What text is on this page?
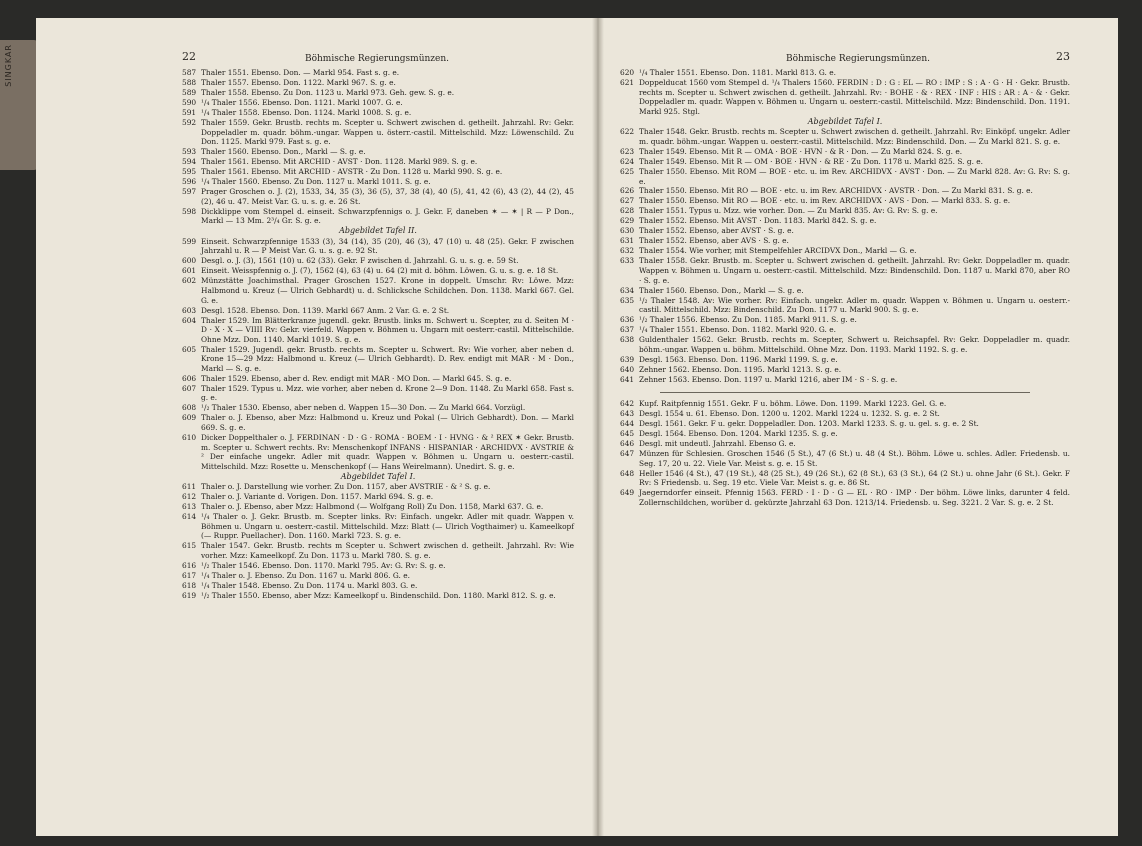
SINGKAR	22	Böhmische Regierungsmünzen.
587 Thaler 1551. Ebenso. Don. — Markl 954. Fast s. g. e.
588 Thaler 1557. Ebenso. Don. 1122. Markl 967. S. g. e.
589 Thaler 1558. Ebenso. Zu Don. 1123 u. Markl 973. Geh. gew. S. g. e.
590 ¹/₄ Thaler 1556. Ebenso. Don. 1121. Markl 1007. G. e.
591 ¹/₄ Thaler 1558. Ebenso. Don. 1124. Markl 1008. S. g. e.
592 Thaler 1559. Gekr. Brustb. rechts m. Scepter u. Schwert zwischen d. getheilt. Jahrzahl. Rv: Gekr. Doppeladler m. quadr. böhm.-ungar. Wappen u. österr.-castil. Mittelschild. Mzz: Löwenschild. Zu Don. 1125. Markl 979. Fast s. g. e.
593 Thaler 1560. Ebenso. Don., Markl — S. g. e.
594 Thaler 1561. Ebenso. Mit ARCHID · AVST · Don. 1128. Markl 989. S. g. e.
595 Thaler 1561. Ebenso. Mit ARCHID · AVSTR · Zu Don. 1128 u. Markl 990. S. g. e.
596 ¹/₄ Thaler 1560. Ebenso. Zu Don. 1127 u. Markl 1011. S. g. e.
597 Prager Groschen o. J. (2), 1533, 34, 35 (3), 36 (5), 37, 38 (4), 40 (5), 41, 42 (6), 43 (2), 44 (2), 45 (2), 46 u. 47. Meist Var. G. u. s. g. e. 26 St.
598 Dickklippe vom Stempel d. einseit. Schwarzpfennigs o. J. Gekr. F, daneben ✶ — ✶ | R — P Don., Markl — 13 Mm. 2³/₄ Gr. S. g. e.
Abgebildet Tafel II.
599 Einseit. Schwarzpfennige 1533 (3), 34 (14), 35 (20), 46 (3), 47 (10) u. 48 (25). Gekr. F zwischen Jahrzahl u. R — P Meist Var. G. u. s. g. e. 92 St.
600 Desgl. o. J. (3), 1561 (10) u. 62 (33). Gekr. F zwischen d. Jahrzahl. G. u. s. g. e. 59 St.
601 Einseit. Weisspfennig o. J. (7), 1562 (4), 63 (4) u. 64 (2) mit d. böhm. Löwen. G. u. s. g. e. 18 St.
602 Münzstätte Joachimsthal. Prager Groschen 1527. Krone in doppelt. Umschr. Rv: Löwe. Mzz: Halbmond u. Kreuz (— Ulrich Gebhardt) u. d. Schlicksche Schildchen. Don. 1138. Markl 667. Gel. G. e.
603 Desgl. 1528. Ebenso. Don. 1139. Markl 667 Anm. 2 Var. G. e. 2 St.
604 Thaler 1529. Im Blätterkranze jugendl. gekr. Brustb. links m. Schwert u. Scepter, zu d. Seiten M · D · X · X — VIIII Rv: Gekr. vierfeld. Wappen v. Böhmen u. Ungarn mit oesterr.-castil. Mittelschilde. Ohne Mzz. Don. 1140. Markl 1019. S. g. e.
605 Thaler 1529. Jugendl. gekr. Brustb. rechts m. Scepter u. Schwert. Rv: Wie vorher, aber neben d. Krone 15—29 Mzz: Halbmond u. Kreuz (— Ulrich Gebhardt). D. Rev. endigt mit MAR · M · Don., Markl — S. g. e.
606 Thaler 1529. Ebenso, aber d. Rev. endigt mit MAR · MO Don. — Markl 645. S. g. e.
607 Thaler 1529. Typus u. Mzz. wie vorher, aber neben d. Krone 2—9 Don. 1148. Zu Markl 658. Fast s. g. e.
608 ¹/₂ Thaler 1530. Ebenso, aber neben d. Wappen 15—30 Don. — Zu Markl 664. Vorzügl.
609 Thaler o. J. Ebenso, aber Mzz: Halbmond u. Kreuz und Pokal (— Ulrich Gebhardt). Don. — Markl 669. S. g. e.
610 Dicker Doppelthaler o. J. FERDINAN · D · G · ROMA · BOEM · I · HVNG · & ² REX ✶ Gekr. Brustb. m. Scepter u. Schwert rechts. Rv: Menschenkopf INFANS · HISPANIAR · ARCHIDVX · AVSTRIE & ² Der einfache ungekr. Adler mit quadr. Wappen v. Böhmen u. Ungarn u. oesterr.-castil. Mittelschild. Mzz: Rosette u. Menschenkopf (— Hans Weirelmann). Unedirt. S. g. e.
Abgebildet Tafel I.
611 Thaler o. J. Darstellung wie vorher. Zu Don. 1157, aber AVSTRIE · & ² S. g. e.
612 Thaler o. J. Variante d. Vorigen. Don. 1157. Markl 694. S. g. e.
613 Thaler o. J. Ebenso, aber Mzz: Halbmond (— Wolfgang Roll) Zu Don. 1158, Markl 637. G. e.
614 ¹/₄ Thaler o. J. Gekr. Brustb. m. Scepter links. Rv: Einfach. ungekr. Adler mit quadr. Wappen v. Böhmen u. Ungarn u. oesterr.-castil. Mittelschild. Mzz: Blatt (— Ulrich Vogthaimer) u. Kameelkopf (— Ruppr. Puellacher). Don. 1160. Markl 723. S. g. e.
615 Thaler 1547. Gekr. Brustb. rechts m Scepter u. Schwert zwischen d. getheilt. Jahrzahl. Rv: Wie vorher. Mzz: Kameelkopf. Zu Don. 1173 u. Markl 780. S. g. e.
616 ¹/₂ Thaler 1546. Ebenso. Don. 1170. Markl 795. Av: G. Rv: S. g. e.
617 ¹/₄ Thaler o. J. Ebenso. Zu Don. 1167 u. Markl 806. G. e.
618 ¹/₄ Thaler 1548. Ebenso. Zu Don. 1174 u. Markl 803. G. e.
619 ¹/₂ Thaler 1550. Ebenso, aber Mzz: Kameelkopf u. Bindenschild. Don. 1180. Markl 812. S. g. e.
Böhmische Regierungsmünzen.	23
620 ¹/₄ Thaler 1551. Ebenso. Don. 1181. Markl 813. G. e.
621 Doppelducat 1560 vom Stempel d. ¹/₄ Thalers 1560. FERDIN : D : G : EL — RO : IMP : S : A · G · H · Gekr. Brustb. rechts m. Scepter u. Schwert zwischen d. getheilt. Jahrzahl. Rv: · BOHE · & · REX · INF : HIS : AR : A · & · Gekr. Doppeladler m. quadr. Wappen v. Böhmen u. Ungarn u. oesterr.-castil. Mittelschild. Mzz: Bindenschild. Don. 1191. Markl 925. Stgl.
Abgebildet Tafel I.
622 Thaler 1548. Gekr. Brustb. rechts m. Scepter u. Schwert zwischen d. getheilt. Jahrzahl. Rv: Einköpf. ungekr. Adler m. quadr. böhm.-ungar. Wappen u. oesterr.-castil. Mittelschild. Mzz: Bindenschild. Don. — Zu Markl 821. S. g. e.
623 Thaler 1549. Ebenso. Mit R — OMA · BOE · HVN · & R · Don. — Zu Markl 824. S. g. e.
624 Thaler 1549. Ebenso. Mit R — OM · BOE · HVN · & RE · Zu Don. 1178 u. Markl 825. S. g. e.
625 Thaler 1550. Ebenso. Mit ROM — BOE · etc. u. im Rev. ARCHIDVX · AVST · Don. — Zu Markl 828. Av: G. Rv: S. g. e.
626 Thaler 1550. Ebenso. Mit RO — BOE · etc. u. im Rev. ARCHIDVX · AVSTR · Don. — Zu Markl 831. S. g. e.
627 Thaler 1550. Ebenso. Mit RO — BOE · etc. u. im Rev. ARCHIDVX · AVS · Don. — Markl 833. S. g. e.
628 Thaler 1551. Typus u. Mzz. wie vorher. Don. — Zu Markl 835. Av: G. Rv: S. g. e.
629 Thaler 1552. Ebenso. Mit AVST · Don. 1183. Markl 842. S. g. e.
630 Thaler 1552. Ebenso, aber AVST · S. g. e.
631 Thaler 1552. Ebenso, aber AVS · S. g. e.
632 Thaler 1554. Wie vorher, mit Stempelfehler ARCIDVX Don., Markl — G. e.
633 Thaler 1558. Gekr. Brustb. m. Scepter u. Schwert zwischen d. getheilt. Jahrzahl. Rv: Gekr. Doppeladler m. quadr. Wappen v. Böhmen u. Ungarn u. oesterr.-castil. Mittelschild. Mzz: Bindenschild. Don. 1187 u. Markl 870, aber RO · S. g. e.
634 Thaler 1560. Ebenso. Don., Markl — S. g. e.
635 ¹/₂ Thaler 1548. Av: Wie vorher. Rv: Einfach. ungekr. Adler m. quadr. Wappen v. Böhmen u. Ungarn u. oesterr.-castil. Mittelschild. Mzz: Bindenschild. Zu Don. 1177 u. Markl 900. S. g. e.
636 ¹/₂ Thaler 1556. Ebenso. Zu Don. 1185. Markl 911. S. g. e.
637 ¹/₄ Thaler 1551. Ebenso. Don. 1182. Markl 920. G. e.
638 Guldenthaler 1562. Gekr. Brustb. rechts m. Scepter, Schwert u. Reichsapfel. Rv: Gekr. Doppeladler m. quadr. böhm.-ungar. Wappen u. böhm. Mittelschild. Ohne Mzz. Don. 1193. Markl 1192. S. g. e.
639 Desgl. 1563. Ebenso. Don. 1196. Markl 1199. S. g. e.
640 Zehner 1562. Ebenso. Don. 1195. Markl 1213. S. g. e.
641 Zehner 1563. Ebenso. Don. 1197 u. Markl 1216, aber IM · S · S. g. e.
642 Kupf. Raitpfennig 1551. Gekr. F u. böhm. Löwe. Don. 1199. Markl 1223. Gel. G. e.
643 Desgl. 1554 u. 61. Ebenso. Don. 1200 u. 1202. Markl 1224 u. 1232. S. g. e. 2 St.
644 Desgl. 1561. Gekr. F u. gekr. Doppeladler. Don. 1203. Markl 1233. S. g. u. gel. s. g. e. 2 St.
645 Desgl. 1564. Ebenso. Don. 1204. Markl 1235. S. g. e.
646 Desgl. mit undeutl. Jahrzahl. Ebenso G. e.
647 Münzen für Schlesien. Groschen 1546 (5 St.), 47 (6 St.) u. 48 (4 St.). Böhm. Löwe u. schles. Adler. Friedensb. u. Seg. 17, 20 u. 22. Viele Var. Meist s. g. e. 15 St.
648 Heller 1546 (4 St.), 47 (19 St.), 48 (25 St.), 49 (26 St.), 62 (8 St.), 63 (3 St.), 64 (2 St.) u. ohne Jahr (6 St.). Gekr. F Rv: S Friedensb. u. Seg. 19 etc. Viele Var. Meist s. g. e. 86 St.
649 Jaegerndorfer einseit. Pfennig 1563. FERD · I · D · G — EL · RO · IMP · Der böhm. Löwe links, darunter 4 feld. Zollernschildchen, worüber d. gekürzte Jahrzahl 63 Don. 1213/14. Friedensb. u. Seg. 3221. 2 Var. S. g. e. 2 St.
